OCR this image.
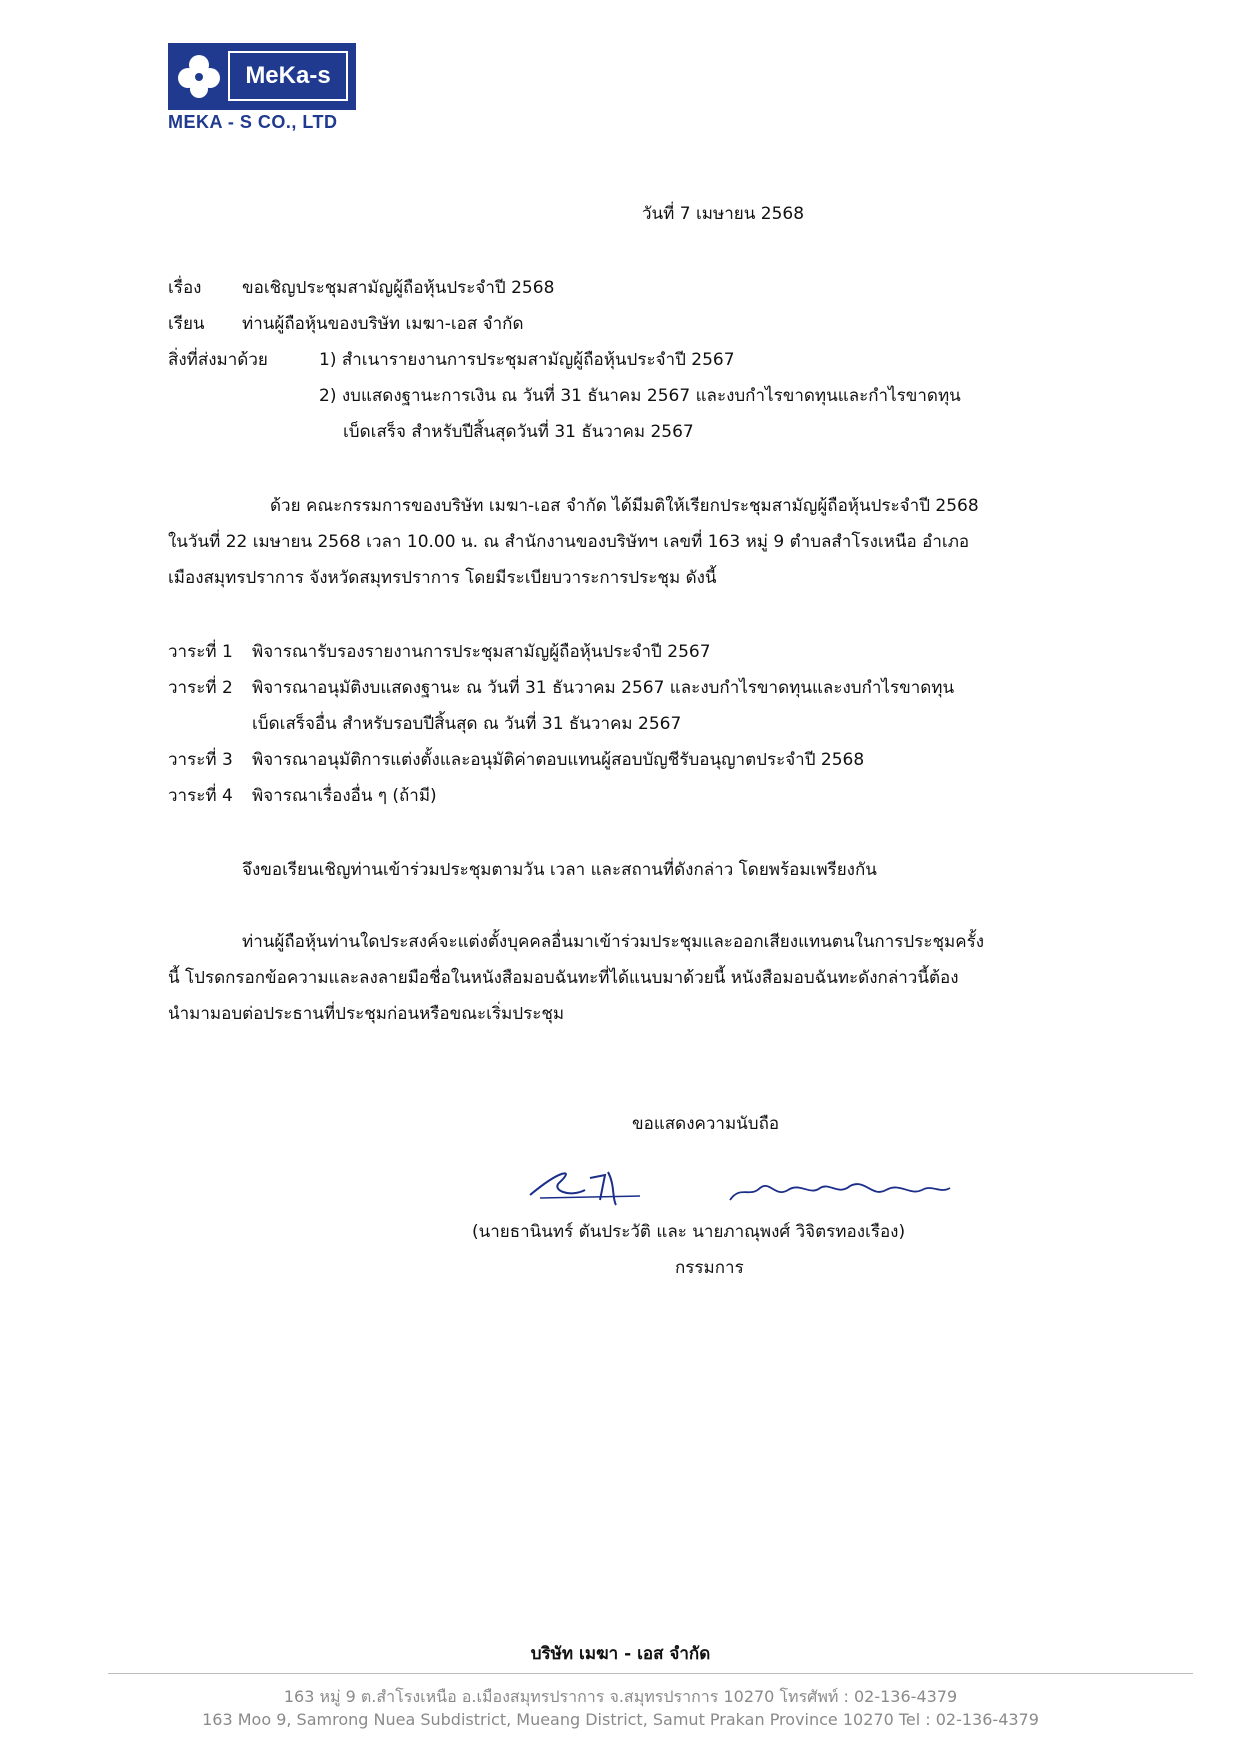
MeKa-s
MEKA - S CO., LTD
วันที่ 7 เมษายน 2568
เรื่อง ขอเชิญประชุมสามัญผู้ถือหุ้นประจำปี 2568
เรียน ท่านผู้ถือหุ้นของบริษัท เมฆา-เอส จำกัด
สิ่งที่ส่งมาด้วย	1) สำเนารายงานการประชุมสามัญผู้ถือหุ้นประจำปี 2567
2) งบแสดงฐานะการเงิน ณ วันที่ 31 ธันาคม 2567 และงบกำไรขาดทุนและกำไรขาดทุน
เบ็ดเสร็จ สำหรับปีสิ้นสุดวันที่ 31 ธันวาคม 2567
ด้วย คณะกรรมการของบริษัท เมฆา-เอส จำกัด ได้มีมติให้เรียกประชุมสามัญผู้ถือหุ้นประจำปี 2568
ในวันที่ 22 เมษายน 2568 เวลา 10.00 น. ณ สำนักงานของบริษัทฯ เลขที่ 163 หมู่ 9 ตำบลสำโรงเหนือ อำเภอ
เมืองสมุทรปราการ จังหวัดสมุทรปราการ โดยมีระเบียบวาระการประชุม ดังนี้
วาระที่ 1 พิจารณารับรองรายงานการประชุมสามัญผู้ถือหุ้นประจำปี 2567
วาระที่ 2 พิจารณาอนุมัติงบแสดงฐานะ ณ วันที่ 31 ธันวาคม 2567 และงบกำไรขาดทุนและงบกำไรขาดทุน
เบ็ดเสร็จอื่น สำหรับรอบปีสิ้นสุด ณ วันที่ 31 ธันวาคม 2567
วาระที่ 3 พิจารณาอนุมัติการแต่งตั้งและอนุมัติค่าตอบแทนผู้สอบบัญชีรับอนุญาตประจำปี 2568
วาระที่ 4 พิจารณาเรื่องอื่น ๆ (ถ้ามี)
จึงขอเรียนเชิญท่านเข้าร่วมประชุมตามวัน เวลา และสถานที่ดังกล่าว โดยพร้อมเพรียงกัน
ท่านผู้ถือหุ้นท่านใดประสงค์จะแต่งตั้งบุคคลอื่นมาเข้าร่วมประชุมและออกเสียงแทนตนในการประชุมครั้ง
นี้ โปรดกรอกข้อความและลงลายมือชื่อในหนังสือมอบฉันทะที่ได้แนบมาด้วยนี้ หนังสือมอบฉันทะดังกล่าวนี้ต้อง
นำมามอบต่อประธานที่ประชุมก่อนหรือขณะเริ่มประชุม
ขอแสดงความนับถือ
(นายธานินทร์ ตันประวัติ และ นายภาณุพงศ์ วิจิตรทองเรือง)
กรรมการ
บริษัท เมฆา - เอส จำกัด
163 หมู่ 9 ต.สำโรงเหนือ อ.เมืองสมุทรปราการ จ.สมุทรปราการ 10270 โทรศัพท์ : 02-136-4379
163 Moo 9, Samrong Nuea Subdistrict, Mueang District, Samut Prakan Province 10270 Tel : 02-136-4379
